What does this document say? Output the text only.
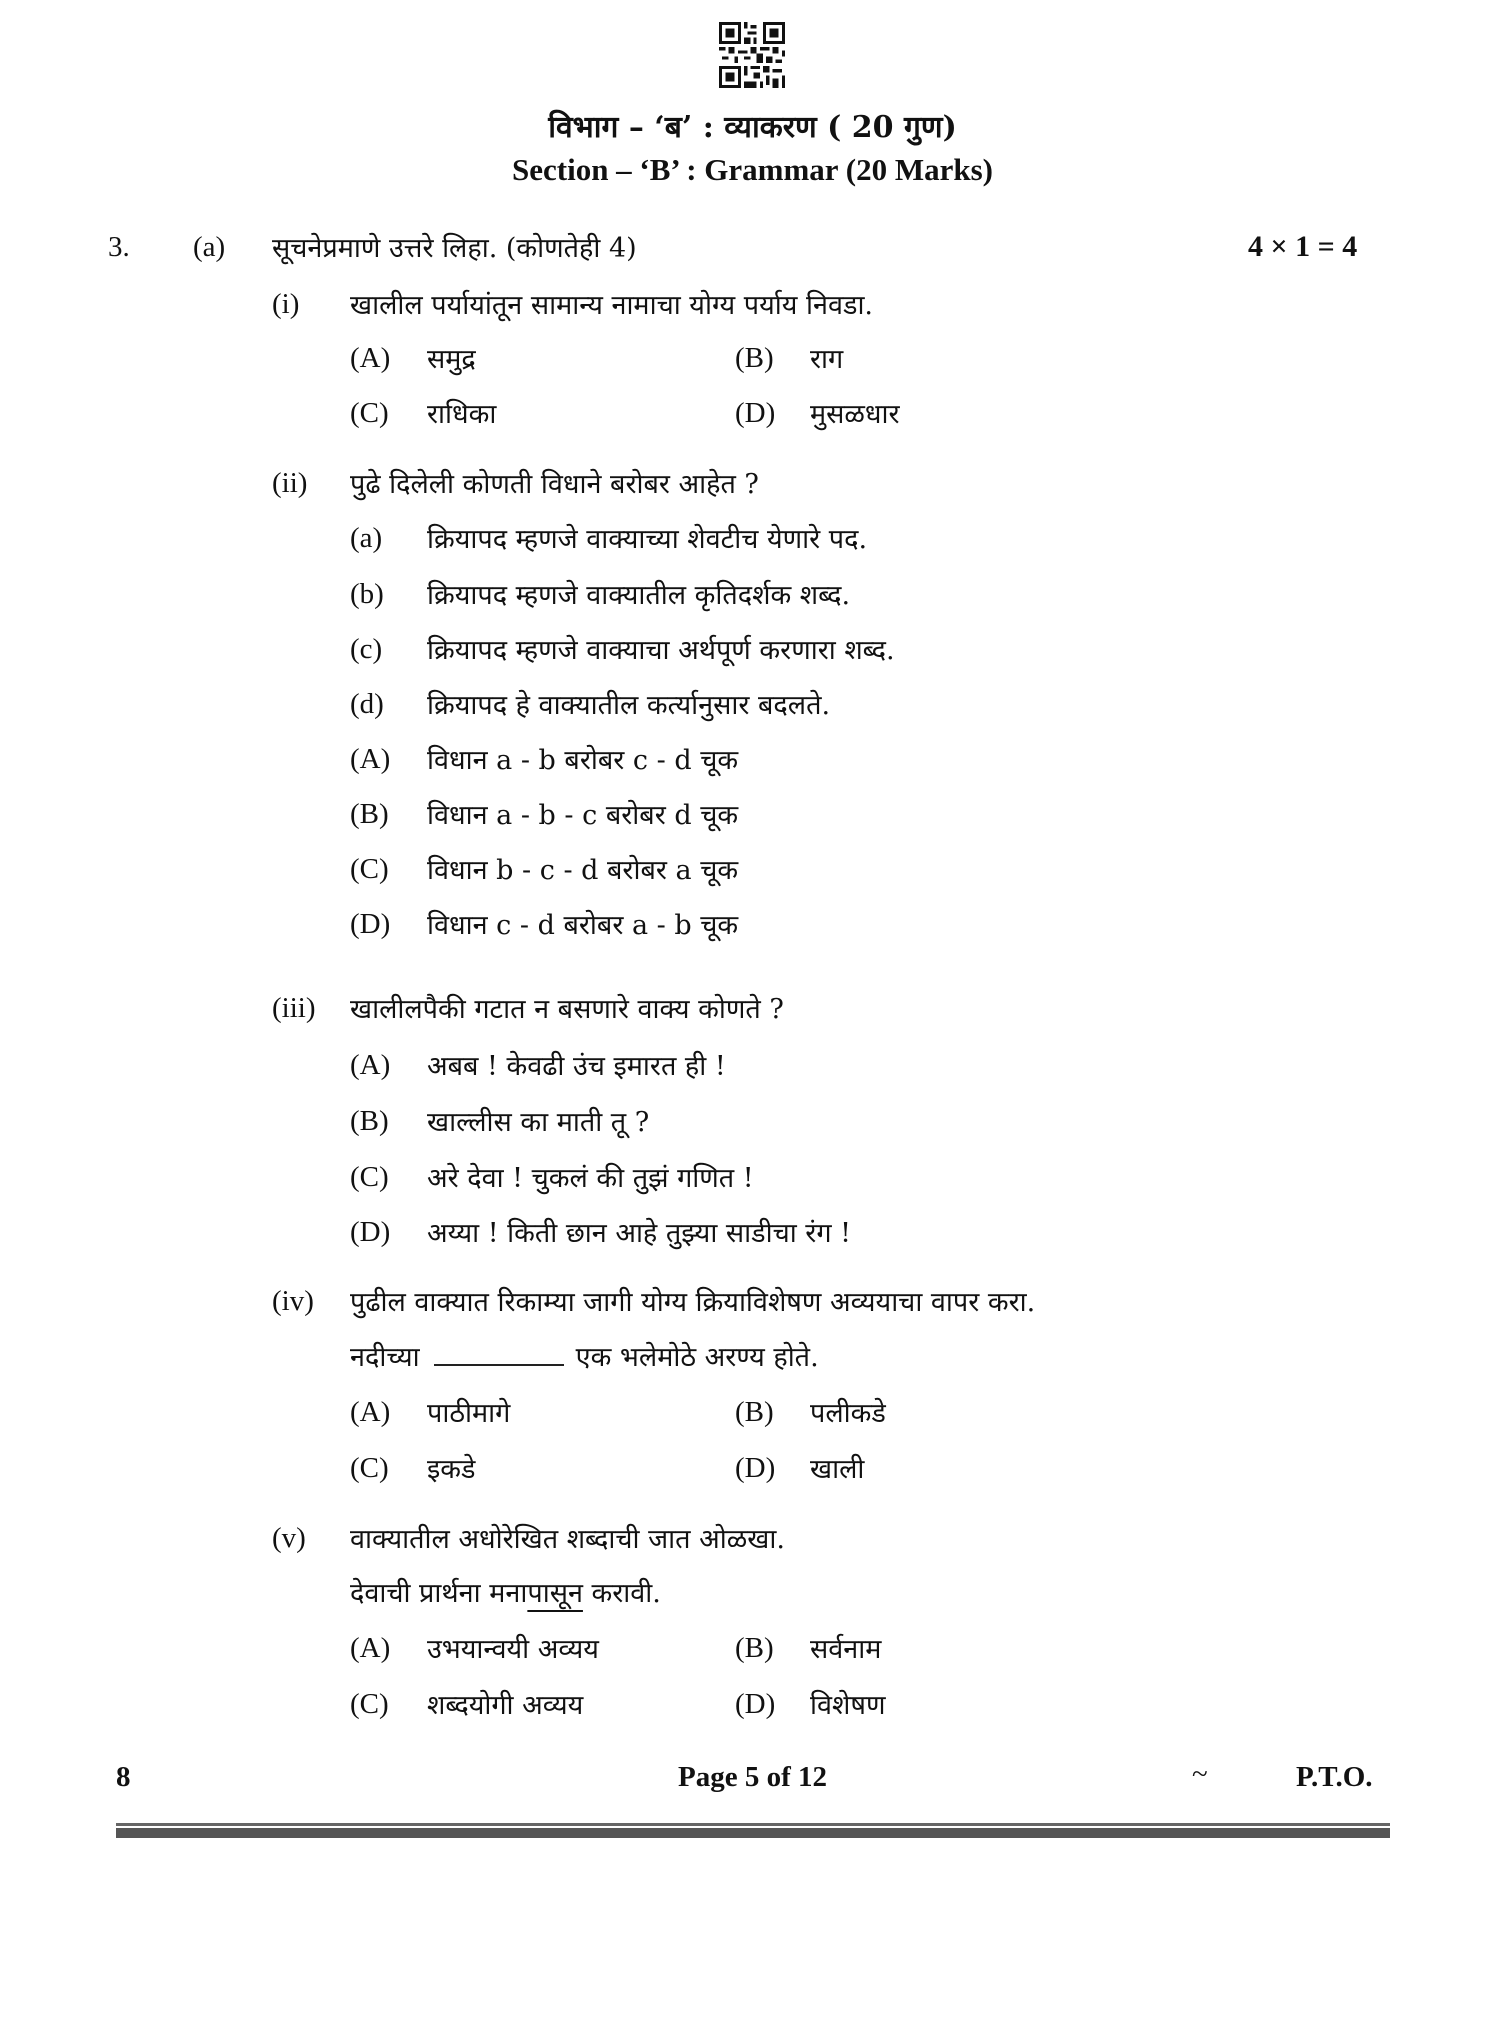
विभाग – ‘ब’ : व्याकरण ( 20 गुण)
Section – ‘B’ : Grammar (20 Marks)
3. (a) सूचनेप्रमाणे उत्तरे लिहा. (कोणतेही 4)	4 × 1 = 4
(i) खालील पर्यायांतून सामान्य नामाचा योग्य पर्याय निवडा.
(A) समुद्र	(B) राग
(C) राधिका	(D) मुसळधार
(ii) पुढे दिलेली कोणती विधाने बरोबर आहेत ?
(a) क्रियापद म्हणजे वाक्याच्या शेवटीच येणारे पद.
(b) क्रियापद म्हणजे वाक्यातील कृतिदर्शक शब्द.
(c) क्रियापद म्हणजे वाक्याचा अर्थपूर्ण करणारा शब्द.
(d) क्रियापद हे वाक्यातील कर्त्यानुसार बदलते.
(A) विधान a - b बरोबर c - d चूक
(B) विधान a - b - c बरोबर d चूक
(C) विधान b - c - d बरोबर a चूक
(D) विधान c - d बरोबर a - b चूक
(iii) खालीलपैकी गटात न बसणारे वाक्य कोणते ?
(A) अबब ! केवढी उंच इमारत ही !
(B) खाल्लीस का माती तू ?
(C) अरे देवा ! चुकलं की तुझं गणित !
(D) अय्या ! किती छान आहे तुझ्या साडीचा रंग !
(iv) पुढील वाक्यात रिकाम्या जागी योग्य क्रियाविशेषण अव्ययाचा वापर करा.
नदीच्या	एक भलेमोठे अरण्य होते.
(A) पाठीमागे	(B) पलीकडे
(C) इकडे	(D) खाली
(v) वाक्यातील अधोरेखित शब्दाची जात ओळखा.
देवाची प्रार्थना मनापासून करावी.
(A) उभयान्वयी अव्यय	(B) सर्वनाम
(C) शब्दयोगी अव्यय	(D) विशेषण
8	Page 5 of 12	~	P.T.O.
